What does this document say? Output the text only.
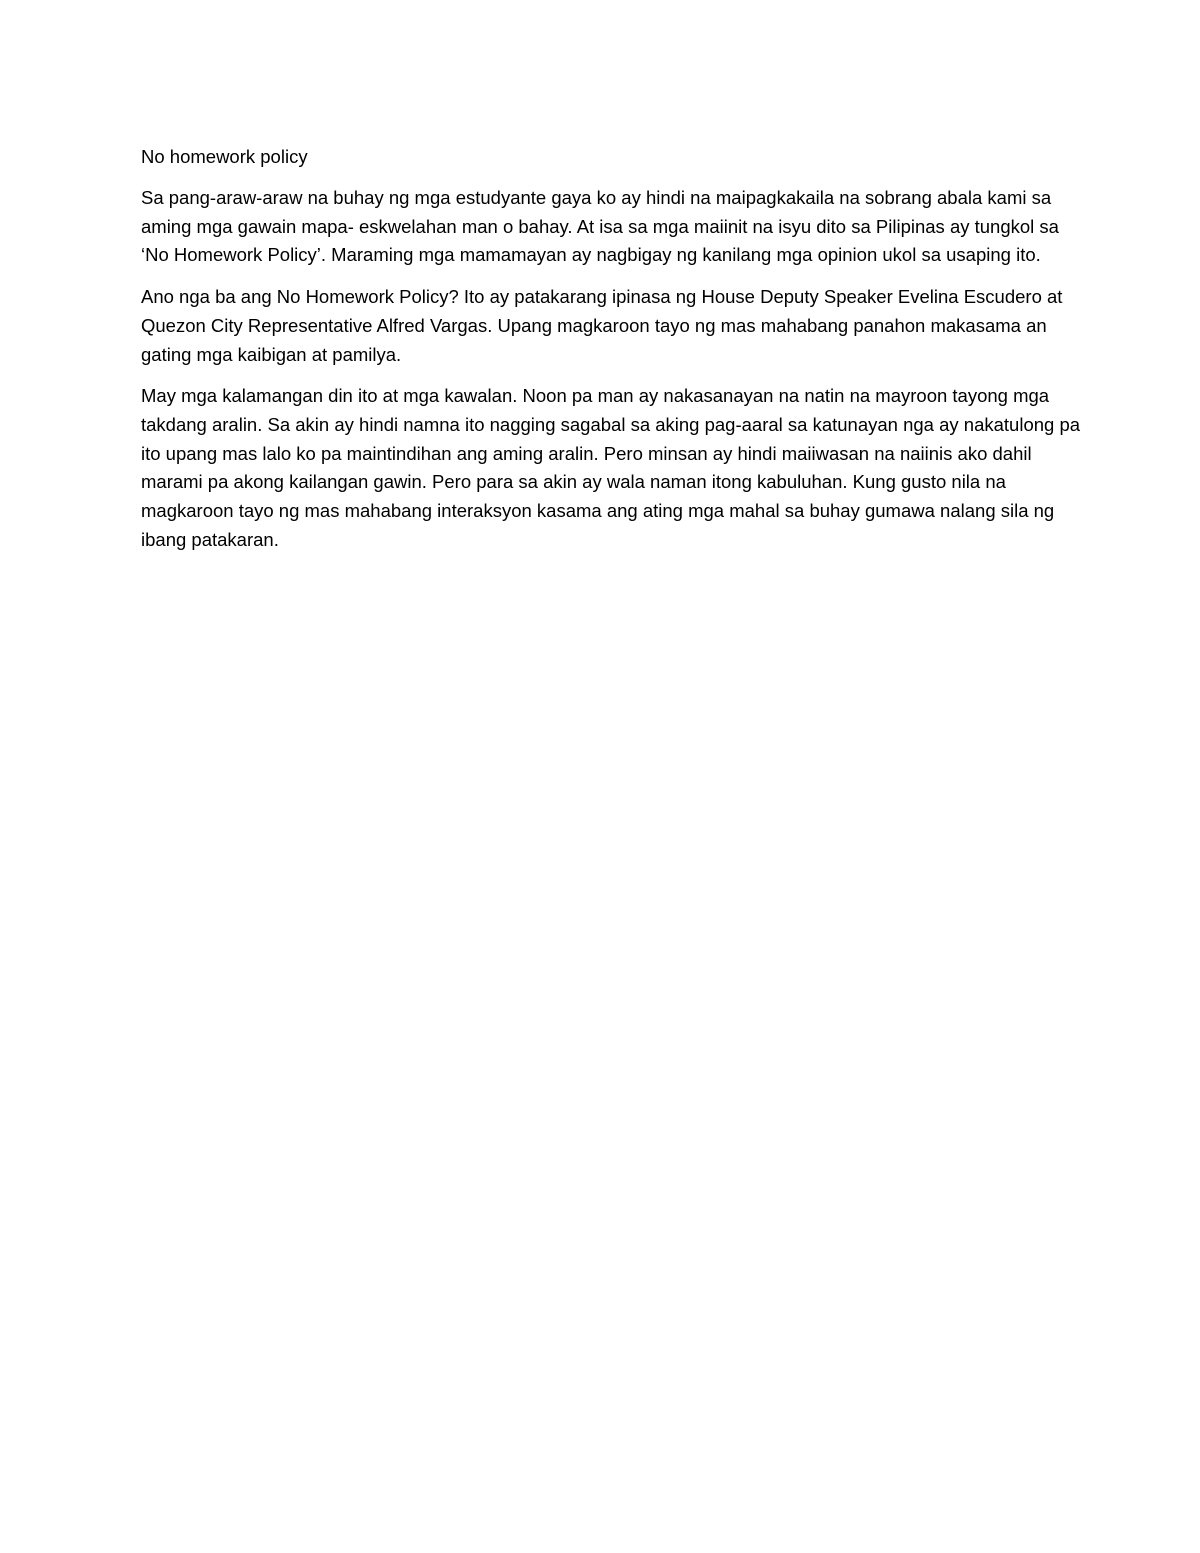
No homework policy

Sa pang-araw-araw na buhay ng mga estudyante gaya ko ay hindi na maipagkakaila na sobrang abala kami sa aming mga gawain mapa- eskwelahan man o bahay. At isa sa mga maiinit na isyu dito sa Pilipinas ay tungkol sa ‘No Homework Policy’. Maraming mga mamamayan ay nagbigay ng kanilang mga opinion ukol sa usaping ito.

Ano nga ba ang No Homework Policy? Ito ay patakarang ipinasa ng House Deputy Speaker Evelina Escudero at Quezon City Representative Alfred Vargas. Upang magkaroon tayo ng mas mahabang panahon makasama an gating mga kaibigan at pamilya.

May mga kalamangan din ito at mga kawalan. Noon pa man ay nakasanayan na natin na mayroon tayong mga takdang aralin. Sa akin ay hindi namna ito nagging sagabal sa aking pag-aaral sa katunayan nga ay nakatulong pa ito upang mas lalo ko pa maintindihan ang aming aralin. Pero minsan ay hindi maiiwasan na naiinis ako dahil marami pa akong kailangan gawin. Pero para sa akin ay wala naman itong kabuluhan. Kung gusto nila na magkaroon tayo ng mas mahabang interaksyon kasama ang ating mga mahal sa buhay gumawa nalang sila ng ibang patakaran.
